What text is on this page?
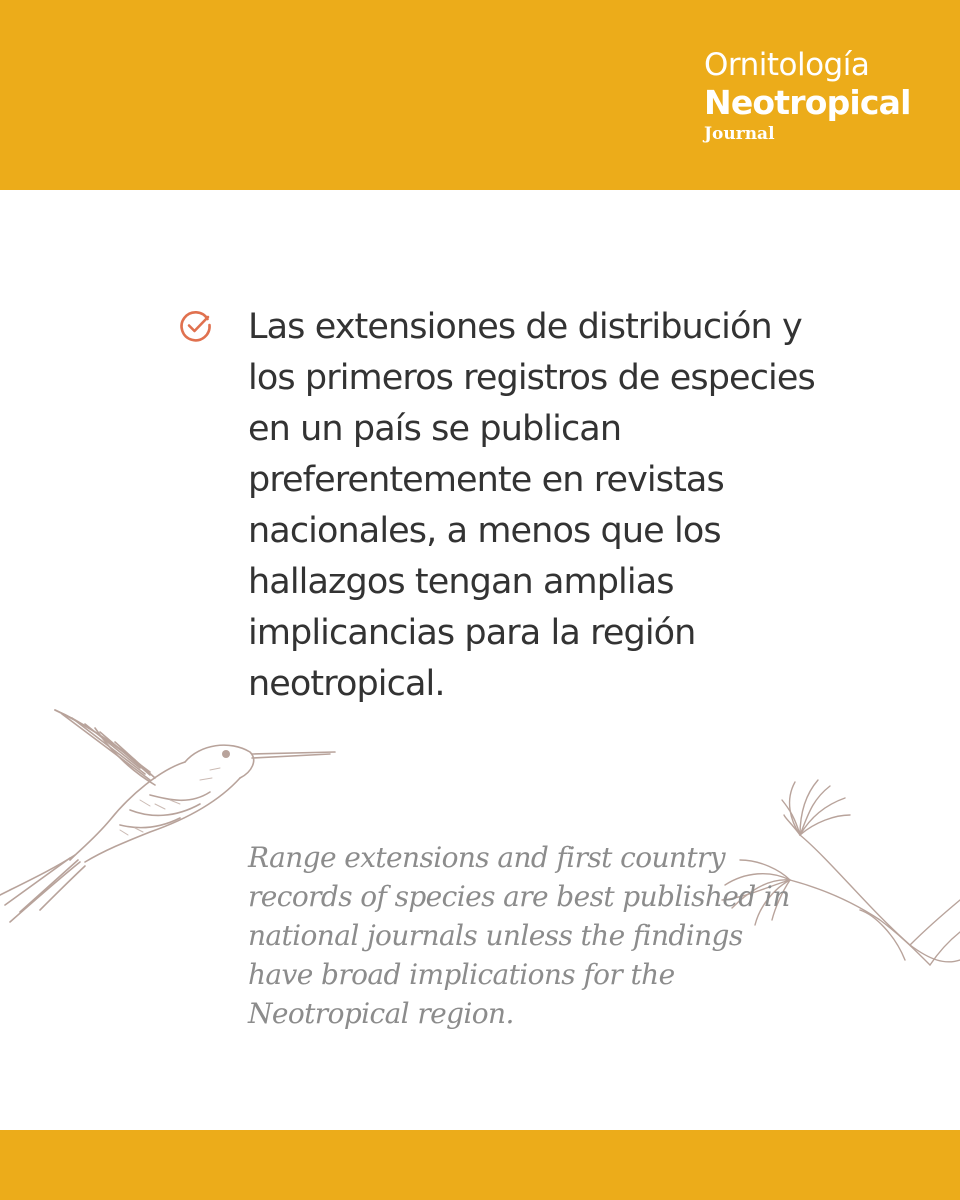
Ornitología
Neotropical
Journal

Las extensiones de distribución y los primeros registros de especies en un país se publican preferentemente en revistas nacionales, a menos que los hallazgos tengan amplias implicancias para la región neotropical.

Range extensions and first country records of species are best published in national journals unless the findings have broad implications for the Neotropical region.
